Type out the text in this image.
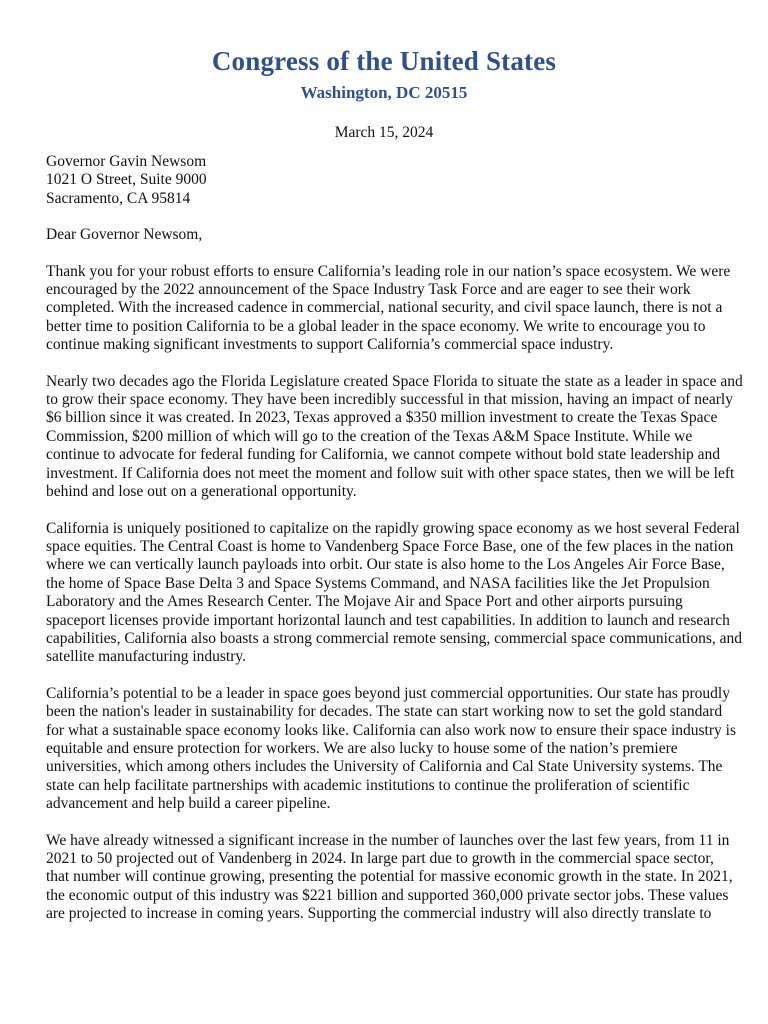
Congress of the United States
Washington, DC 20515
March 15, 2024
Governor Gavin Newsom
1021 O Street, Suite 9000
Sacramento, CA 95814
Dear Governor Newsom,
Thank you for your robust efforts to ensure California’s leading role in our nation’s space ecosystem. We were
encouraged by the 2022 announcement of the Space Industry Task Force and are eager to see their work
completed. With the increased cadence in commercial, national security, and civil space launch, there is not a
better time to position California to be a global leader in the space economy. We write to encourage you to
continue making significant investments to support California’s commercial space industry.
Nearly two decades ago the Florida Legislature created Space Florida to situate the state as a leader in space and
to grow their space economy. They have been incredibly successful in that mission, having an impact of nearly
$6 billion since it was created. In 2023, Texas approved a $350 million investment to create the Texas Space
Commission, $200 million of which will go to the creation of the Texas A&M Space Institute. While we
continue to advocate for federal funding for California, we cannot compete without bold state leadership and
investment. If California does not meet the moment and follow suit with other space states, then we will be left
behind and lose out on a generational opportunity.
California is uniquely positioned to capitalize on the rapidly growing space economy as we host several Federal
space equities. The Central Coast is home to Vandenberg Space Force Base, one of the few places in the nation
where we can vertically launch payloads into orbit. Our state is also home to the Los Angeles Air Force Base,
the home of Space Base Delta 3 and Space Systems Command, and NASA facilities like the Jet Propulsion
Laboratory and the Ames Research Center. The Mojave Air and Space Port and other airports pursuing
spaceport licenses provide important horizontal launch and test capabilities. In addition to launch and research
capabilities, California also boasts a strong commercial remote sensing, commercial space communications, and
satellite manufacturing industry.
California’s potential to be a leader in space goes beyond just commercial opportunities. Our state has proudly
been the nation's leader in sustainability for decades. The state can start working now to set the gold standard
for what a sustainable space economy looks like. California can also work now to ensure their space industry is
equitable and ensure protection for workers. We are also lucky to house some of the nation’s premiere
universities, which among others includes the University of California and Cal State University systems. The
state can help facilitate partnerships with academic institutions to continue the proliferation of scientific
advancement and help build a career pipeline.
We have already witnessed a significant increase in the number of launches over the last few years, from 11 in
2021 to 50 projected out of Vandenberg in 2024. In large part due to growth in the commercial space sector,
that number will continue growing, presenting the potential for massive economic growth in the state. In 2021,
the economic output of this industry was $221 billion and supported 360,000 private sector jobs. These values
are projected to increase in coming years. Supporting the commercial industry will also directly translate to
